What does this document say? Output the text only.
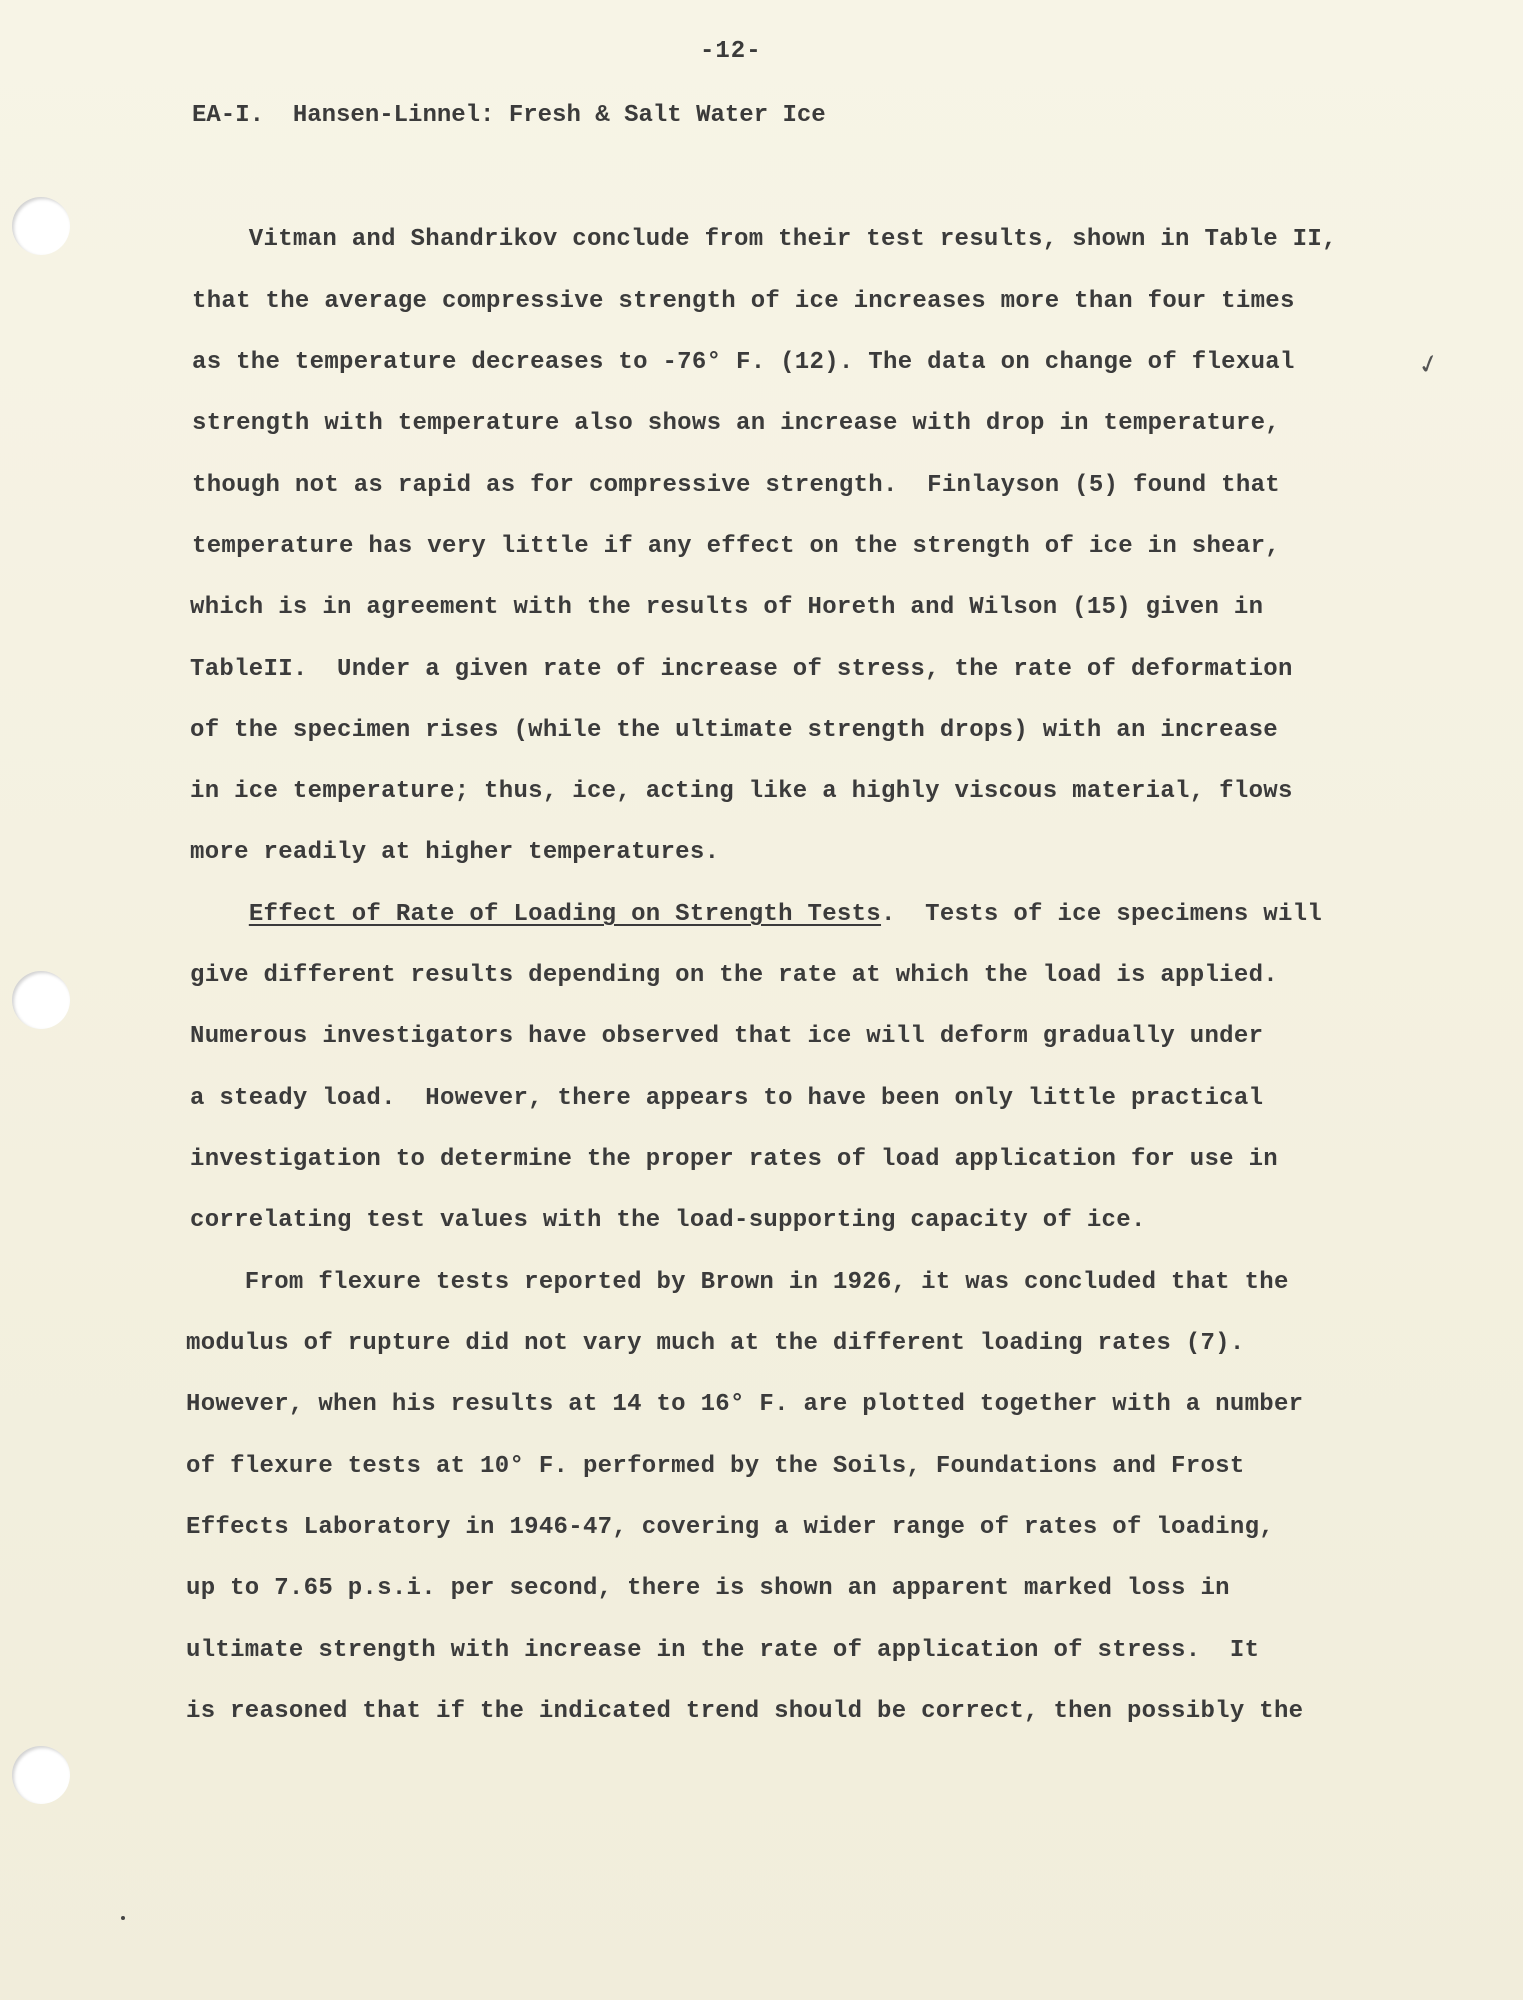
-12-
EA-I.  Hansen-Linnel: Fresh & Salt Water Ice
✓
Vitman and Shandrikov conclude from their test results, shown in Table II,
that the average compressive strength of ice increases more than four times
as the temperature decreases to -76° F. (12). The data on change of flexual
strength with temperature also shows an increase with drop in temperature,
though not as rapid as for compressive strength.  Finlayson (5) found that
temperature has very little if any effect on the strength of ice in shear,
which is in agreement with the results of Horeth and Wilson (15) given in
TableII.  Under a given rate of increase of stress, the rate of deformation
of the specimen rises (while the ultimate strength drops) with an increase
in ice temperature; thus, ice, acting like a highly viscous material, flows
more readily at higher temperatures.
Effect of Rate of Loading on Strength Tests.  Tests of ice specimens will
give different results depending on the rate at which the load is applied.
Numerous investigators have observed that ice will deform gradually under
a steady load.  However, there appears to have been only little practical
investigation to determine the proper rates of load application for use in
correlating test values with the load-supporting capacity of ice.
From flexure tests reported by Brown in 1926, it was concluded that the
modulus of rupture did not vary much at the different loading rates (7).
However, when his results at 14 to 16° F. are plotted together with a number
of flexure tests at 10° F. performed by the Soils, Foundations and Frost
Effects Laboratory in 1946-47, covering a wider range of rates of loading,
up to 7.65 p.s.i. per second, there is shown an apparent marked loss in
ultimate strength with increase in the rate of application of stress.  It
is reasoned that if the indicated trend should be correct, then possibly the
